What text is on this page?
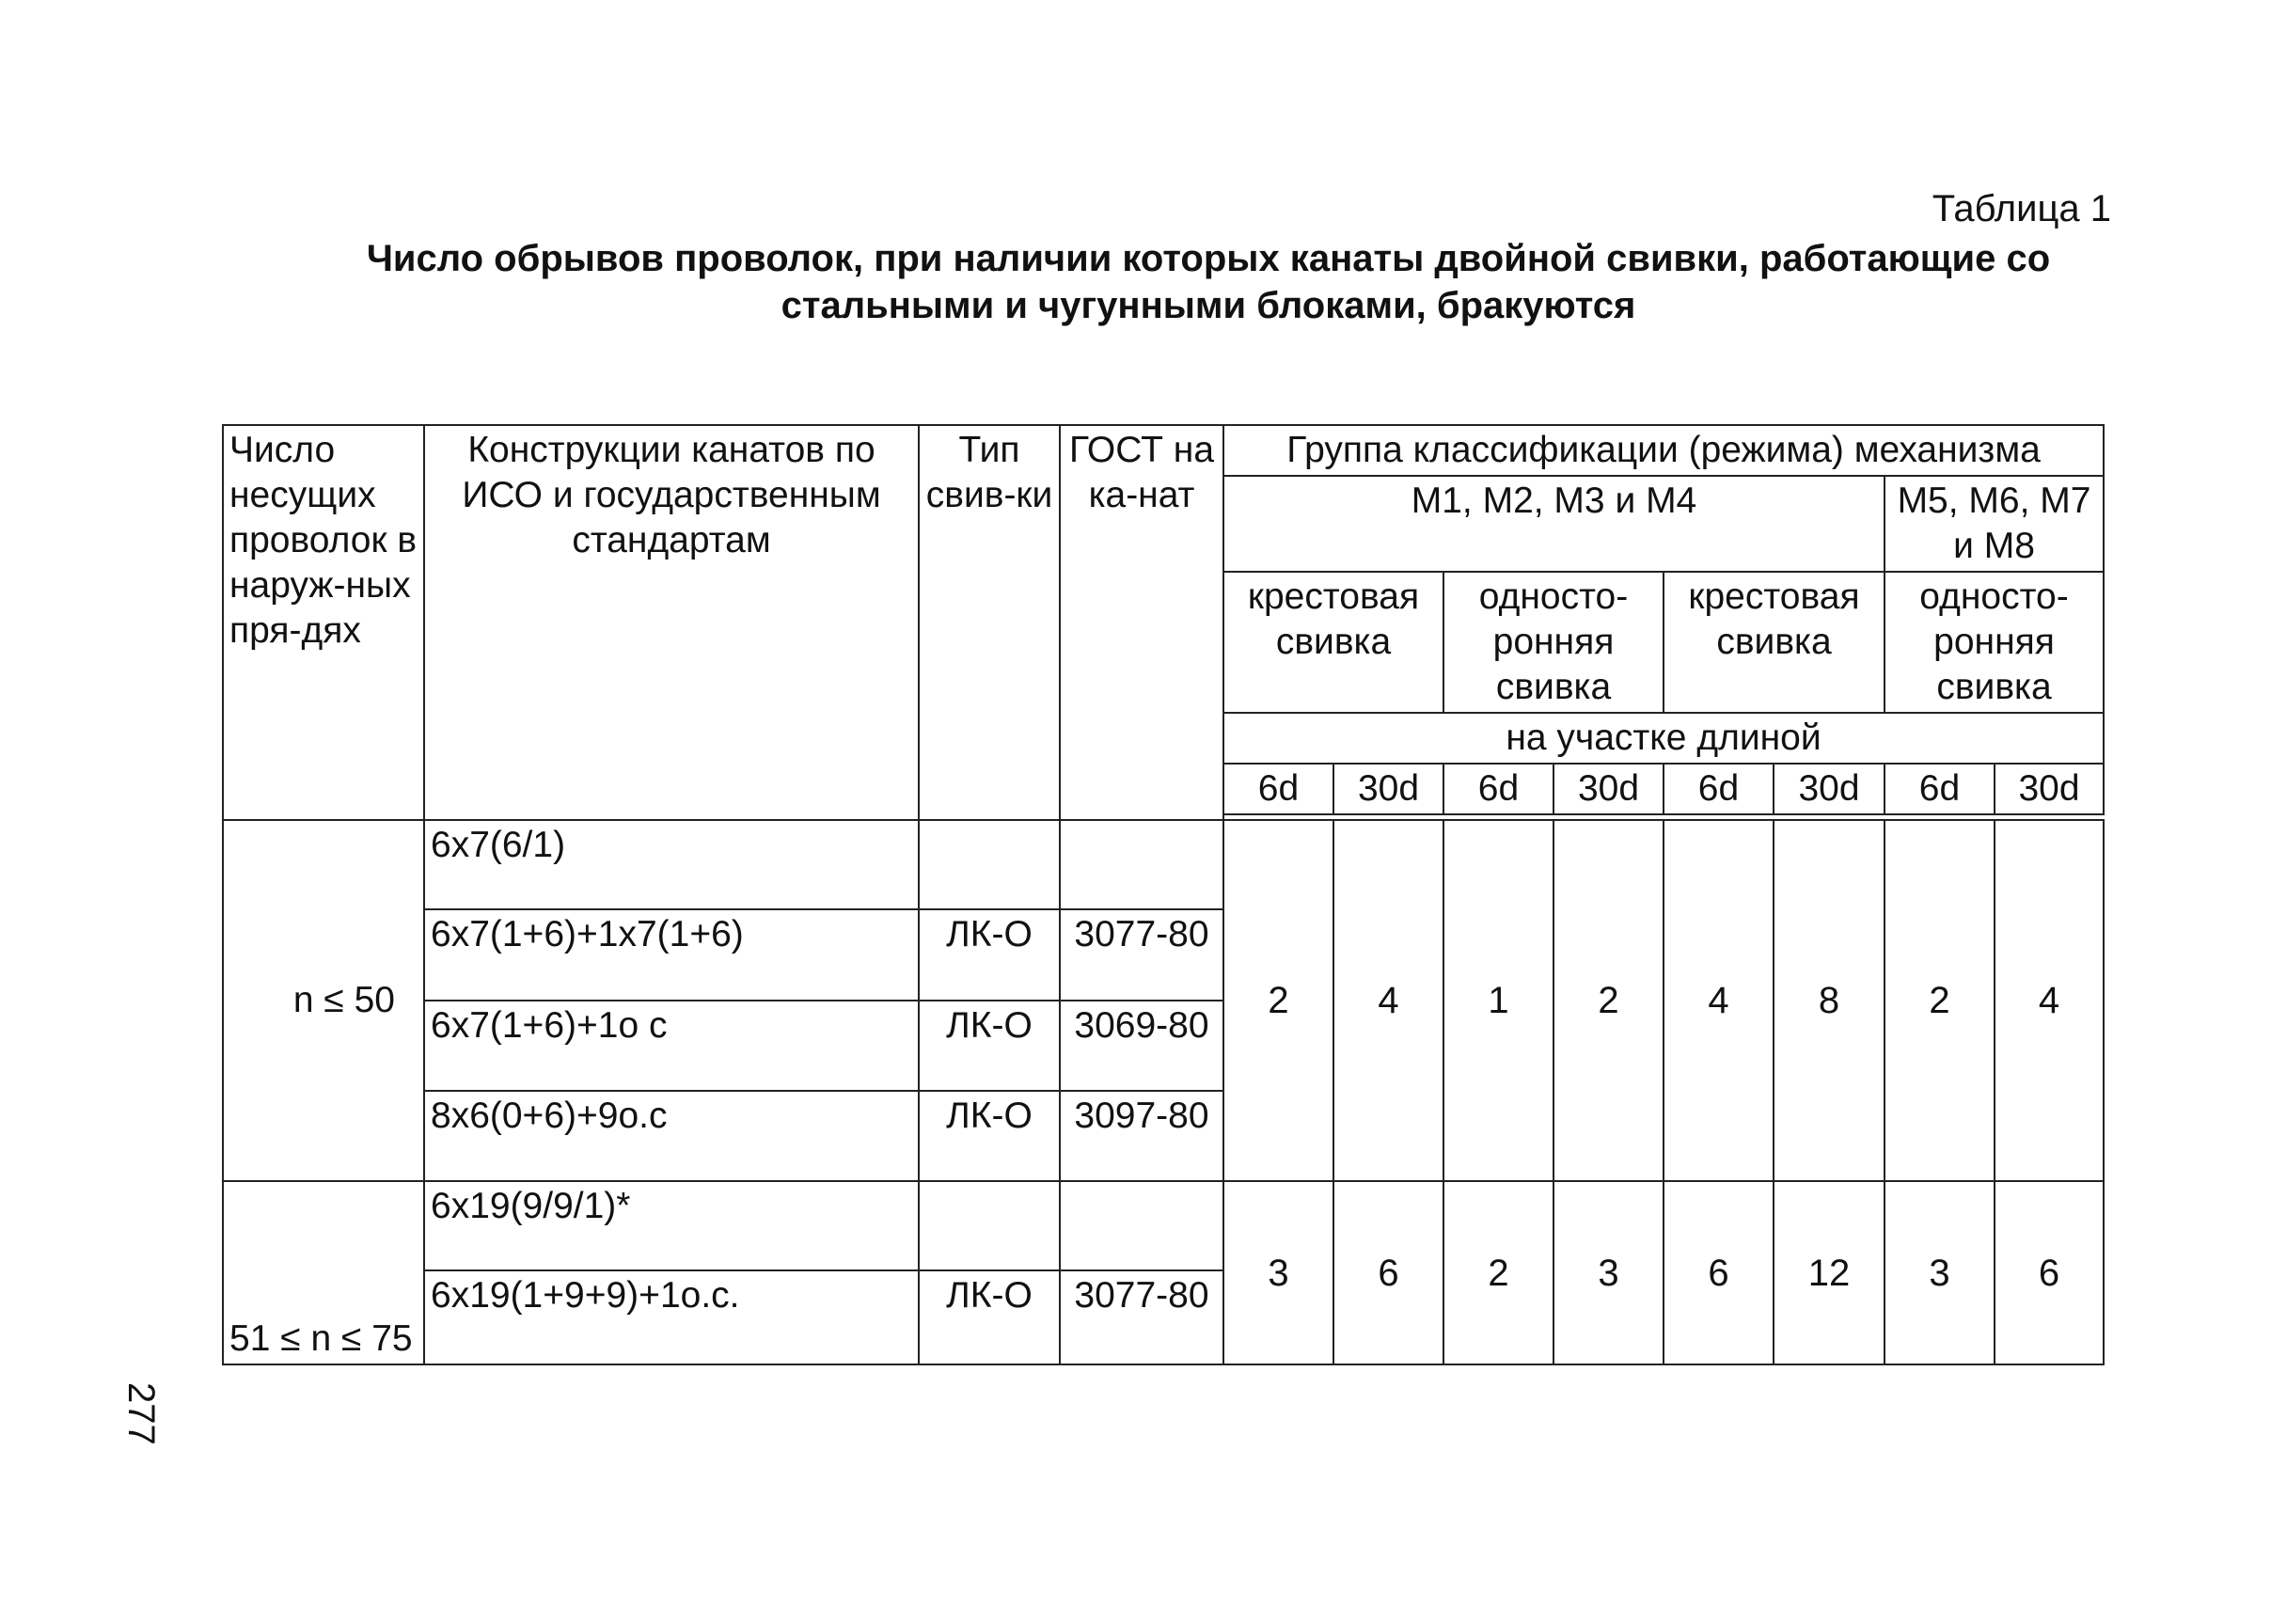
Таблица 1
Число обрывов проволок, при наличии которых канаты двойной свивки, работающие со стальными и чугунными блоками, бракуются
277
Число несущих проволок в наруж-ных пря-дях	Конструкции канатов по ИСО и государственным стандартам	Тип свив-ки	ГОСТ на ка-нат	Группа классификации (режима) механизма							
				М1, М2, М3 и М4						М5, М6, М7 и М8	
				крестовая свивка		односто-ронняя свивка		крестовая свивка		односто-ронняя свивка	
				на участке длиной							
				6d	30d	6d	30d	6d	30d	6d	30d

n ≤ 50	6x7(6/1)			2	4	1	2	4	8	2	4
	6x7(1+6)+1x7(1+6)	ЛК-О	3077-80								
	6x7(1+6)+1o с	ЛК-О	3069-80								
	8x6(0+6)+9o.c	ЛК-О	3097-80								
51 ≤ n ≤ 75	6x19(9/9/1)*			3	6	2	3	6	12	3	6
	6x19(1+9+9)+1o.c.	ЛК-О	3077-80								
